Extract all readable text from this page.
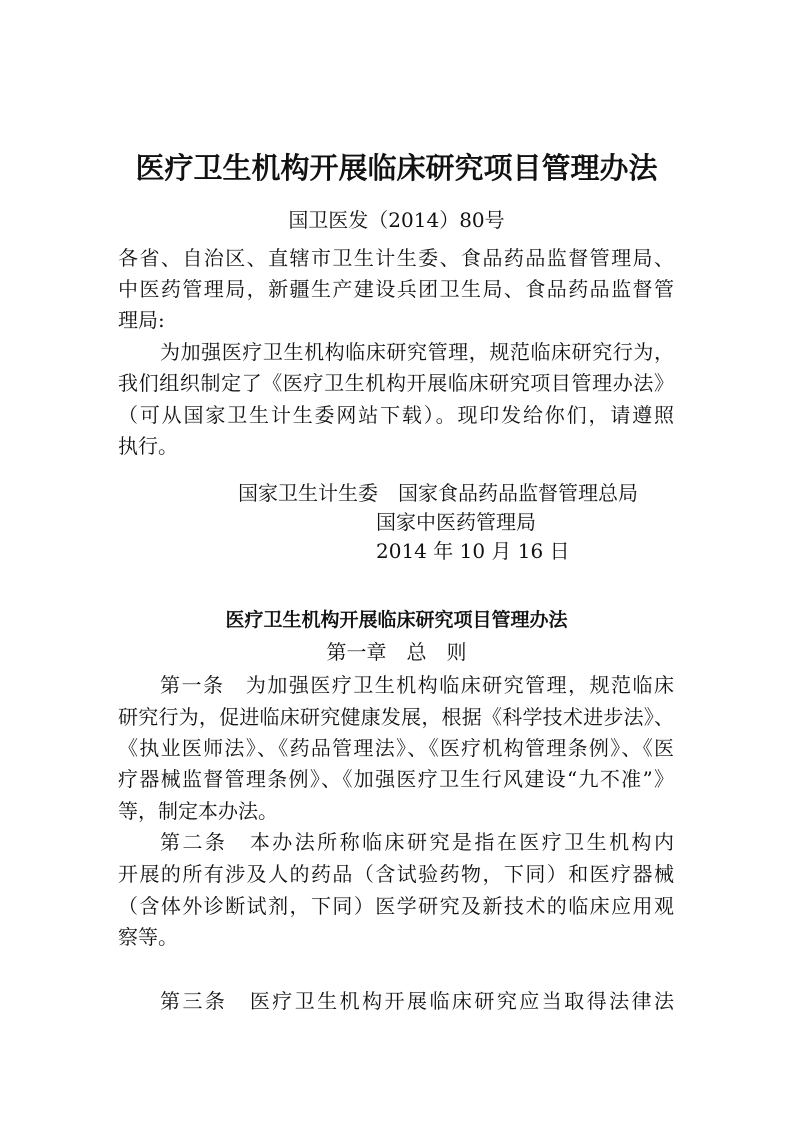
医疗卫生机构开展临床研究项目管理办法
国卫医发（2014）80号
各省、自治区、直辖市卫生计生委、食品药品监督管理局、
中医药管理局，新疆生产建设兵团卫生局、食品药品监督管
理局:
为加强医疗卫生机构临床研究管理，规范临床研究行为，
我们组织制定了《医疗卫生机构开展临床研究项目管理办法》
（可从国家卫生计生委网站下载）。现印发给你们，请遵照
执行。
国家卫生计生委　国家食品药品监督管理总局
国家中医药管理局
2014 年 10 月 16 日
医疗卫生机构开展临床研究项目管理办法
第一章　总　则
第一条　为加强医疗卫生机构临床研究管理，规范临床
研究行为，促进临床研究健康发展，根据《科学技术进步法》、
《执业医师法》、《药品管理法》、《医疗机构管理条例》、《医
疗器械监督管理条例》、《加强医疗卫生行风建设“九不准”》
等，制定本办法。
第二条　本办法所称临床研究是指在医疗卫生机构内
开展的所有涉及人的药品（含试验药物，下同）和医疗器械
（含体外诊断试剂，下同）医学研究及新技术的临床应用观
察等。
第三条　医疗卫生机构开展临床研究应当取得法律法
